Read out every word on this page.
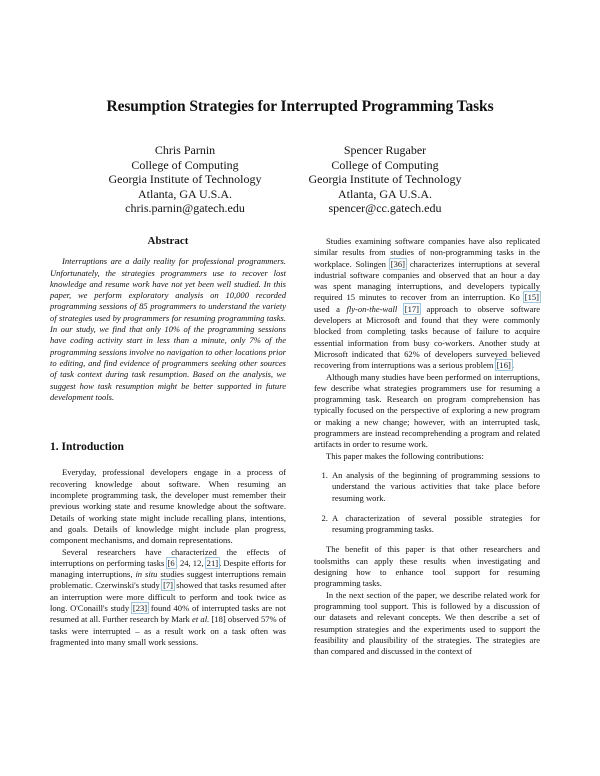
Resumption Strategies for Interrupted Programming Tasks
Chris Parnin
College of Computing
Georgia Institute of Technology
Atlanta, GA U.S.A.
chris.parnin@gatech.edu
Spencer Rugaber
College of Computing
Georgia Institute of Technology
Atlanta, GA U.S.A.
spencer@cc.gatech.edu
Abstract

Interruptions are a daily reality for professional programmers. Unfortunately, the strategies programmers use to recover lost knowledge and resume work have not yet been well studied. In this paper, we perform exploratory analysis on 10,000 recorded programming sessions of 85 programmers to understand the variety of strategies used by programmers for resuming programming tasks. In our study, we find that only 10% of the programming sessions have coding activity start in less than a minute, only 7% of the programming sessions involve no navigation to other locations prior to editing, and find evidence of programmers seeking other sources of task context during task resumption. Based on the analysis, we suggest how task resumption might be better supported in future development tools.

1. Introduction

Everyday, professional developers engage in a process of recovering knowledge about software. When resuming an incomplete programming task, the developer must remember their previous working state and resume knowledge about the software. Details of working state might include recalling plans, intentions, and goals. Details of knowledge might include plan progress, component mechanisms, and domain representations.

Several researchers have characterized the effects of interruptions on performing tasks [6, 24, 12, 21]. Despite efforts for managing interruptions, in situ studies suggest interruptions remain problematic. Czerwinski's study [7] showed that tasks resumed after an interruption were more difficult to perform and took twice as long. O'Conaill's study [23] found 40% of interrupted tasks are not resumed at all. Further research by Mark et al. [18] observed 57% of tasks were interrupted – as a result work on a task often was fragmented into many small work sessions.

Studies examining software companies have also replicated similar results from studies of non-programming tasks in the workplace. Solingen [36] characterizes interruptions at several industrial software companies and observed that an hour a day was spent managing interruptions, and developers typically required 15 minutes to recover from an interruption. Ko [15] used a fly-on-the-wall [17] approach to observe software developers at Microsoft and found that they were commonly blocked from completing tasks because of failure to acquire essential information from busy co-workers. Another study at Microsoft indicated that 62% of developers surveyed believed recovering from interruptions was a serious problem [16].

Although many studies have been performed on interruptions, few describe what strategies programmers use for resuming a programming task. Research on program comprehension has typically focused on the perspective of exploring a new program or making a new change; however, with an interrupted task, programmers are instead recomprehending a program and related artifacts in order to resume work.

This paper makes the following contributions:

1. An analysis of the beginning of programming sessions to understand the various activities that take place before resuming work.
2. A characterization of several possible strategies for resuming programming tasks.

The benefit of this paper is that other researchers and toolsmiths can apply these results when investigating and designing how to enhance tool support for resuming programming tasks.

In the next section of the paper, we describe related work for programming tool support. This is followed by a discussion of our datasets and relevant concepts. We then describe a set of resumption strategies and the experiments used to support the feasibility and plausibility of the strategies. The strategies are than compared and discussed in the context of
